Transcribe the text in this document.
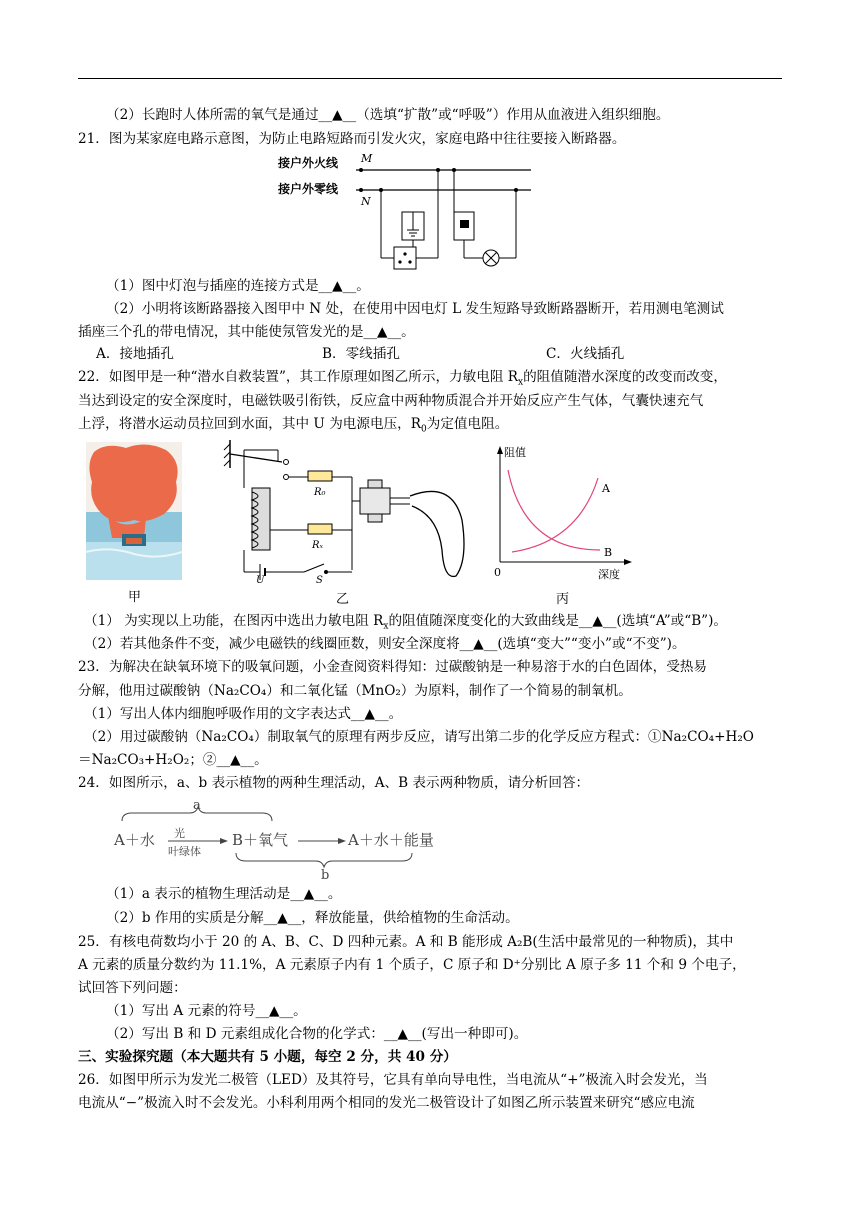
（2）长跑时人体所需的氧气是通过__▲__（选填“扩散”或“呼吸”）作用从血液进入组织细胞。
21．图为某家庭电路示意图，为防止电路短路而引发火灾，家庭电路中往往要接入断路器。
接户外火线
接户外零线
M
N
（1）图中灯泡与插座的连接方式是__▲__。
（2）小明将该断路器接入图甲中 N 处，在使用中因电灯 L 发生短路导致断路器断开，若用测电笔测试
插座三个孔的带电情况，其中能使氖管发光的是__▲__。
A．接地插孔	B．零线插孔	C．火线插孔
22．如图甲是一种“潜水自救装置”，其工作原理如图乙所示，力敏电阻 $R_x$的阻值随潜水深度的改变而改变，
当达到设定的安全深度时，电磁铁吸引衔铁，反应盒中两种物质混合并开始反应产生气体，气囊快速充气
上浮，将潜水运动员拉回到水面，其中 U 为电源电压，$R_0$为定值电阻。
甲
R₀
Rₓ
U	S
乙
阻值
深度
0
A
B
丙
（1） 为实现以上功能，在图丙中选出力敏电阻 $R_x$的阻值随深度变化的大致曲线是__▲__(选填“A”或“B”)。
（2）若其他条件不变，减少电磁铁的线圈匝数，则安全深度将__▲__(选填“变大”“变小”或“不变”)。
23．为解决在缺氧环境下的吸氧问题，小金查阅资料得知：过碳酸钠是一种易溶于水的白色固体，受热易
分解，他用过碳酸钠（Na₂CO₄）和二氧化锰（MnO₂）为原料，制作了一个简易的制氧机。
（1）写出人体内细胞呼吸作用的文字表达式__▲__。
（2）用过碳酸钠（Na₂CO₄）制取氧气的原理有两步反应，请写出第二步的化学反应方程式：①Na₂CO₄+H₂O
＝Na₂CO₃+H₂O₂；②__▲__。
24．如图所示，a、b 表示植物的两种生理活动，A、B 表示两种物质，请分析回答：
a
A＋水 光
叶绿体
B＋氧气	A＋水＋能量
b
（1）a 表示的植物生理活动是__▲__。
（2）b 作用的实质是分解__▲__，释放能量，供给植物的生命活动。
25．有核电荷数均小于 20 的 A、B、C、D 四种元素。A 和 B 能形成 A₂B(生活中最常见的一种物质)，其中
A 元素的质量分数约为 11.1%，A 元素原子内有 1 个质子，C 原子和 D⁺分别比 A 原子多 11 个和 9 个电子，
试回答下列问题：
（1）写出 A 元素的符号__▲__。
（2）写出 B 和 D 元素组成化合物的化学式：__▲__(写出一种即可)。
三、实验探究题（本大题共有 5 小题，每空 2 分，共 40 分）
26．如图甲所示为发光二极管（LED）及其符号，它具有单向导电性，当电流从“+”极流入时会发光，当
电流从“−”极流入时不会发光。小科利用两个相同的发光二极管设计了如图乙所示装置来研究“感应电流
